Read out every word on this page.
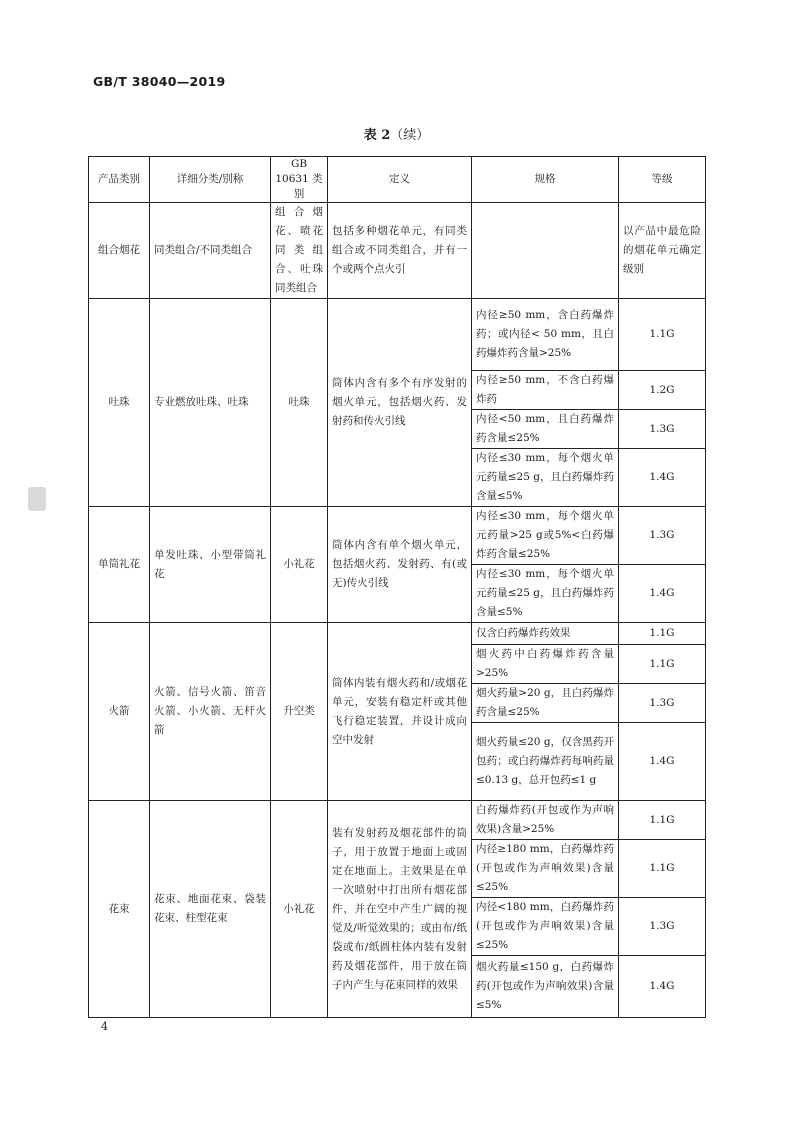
GB/T 38040—2019
表 2（续）
产品类别	详细分类/别称	GB 10631 类别	定义	规格	等级
组合烟花	同类组合/不同类组合	组合烟花、喷花同类组合、吐珠同类组合	包括多种烟花单元，有同类组合或不同类组合，并有一个或两个点火引		以产品中最危险的烟花单元确定级别
吐珠	专业燃放吐珠、吐珠	吐珠	筒体内含有多个有序发射的烟火单元，包括烟火药、发射药和传火引线	内径≥50 mm，含白药爆炸药；或内径< 50 mm，且白药爆炸药含量>25%	1.1G
				内径≥50 mm，不含白药爆炸药	1.2G
				内径<50 mm，且白药爆炸药含量≤25%	1.3G
				内径≤30 mm，每个烟火单元药量≤25 g，且白药爆炸药含量≤5%	1.4G
单筒礼花	单发吐珠、小型带筒礼花	小礼花	筒体内含有单个烟火单元，包括烟火药、发射药、有(或无)传火引线	内径≤30 mm，每个烟火单元药量>25 g或5%<白药爆炸药含量≤25%	1.3G
				内径≤30 mm，每个烟火单元药量≤25 g，且白药爆炸药含量≤5%	1.4G
火箭	火箭、信号火箭、笛音火箭、小火箭、无杆火箭	升空类	筒体内装有烟火药和/或烟花单元，安装有稳定杆或其他飞行稳定装置，并设计成向空中发射	仅含白药爆炸药效果	1.1G
				烟火药中白药爆炸药含量>25%	1.1G
				烟火药量>20 g，且白药爆炸药含量≤25%	1.3G
				烟火药量≤20 g，仅含黑药开包药；或白药爆炸药每响药量≤0.13 g，总开包药≤1 g	1.4G
花束	花束、地面花束、袋装花束、柱型花束	小礼花	装有发射药及烟花部件的筒子，用于放置于地面上或固定在地面上。主效果是在单一次喷射中打出所有烟花部件，并在空中产生广阔的视觉及/听觉效果的；或由布/纸袋或布/纸圆柱体内装有发射药及烟花部件，用于放在筒子内产生与花束同样的效果	白药爆炸药(开包或作为声响效果)含量>25%	1.1G
				内径≥180 mm，白药爆炸药(开包或作为声响效果)含量≤25%	1.1G
				内径<180 mm，白药爆炸药(开包或作为声响效果)含量≤25%	1.3G
				烟火药量≤150 g，白药爆炸药(开包或作为声响效果)含量≤5%	1.4G
4
